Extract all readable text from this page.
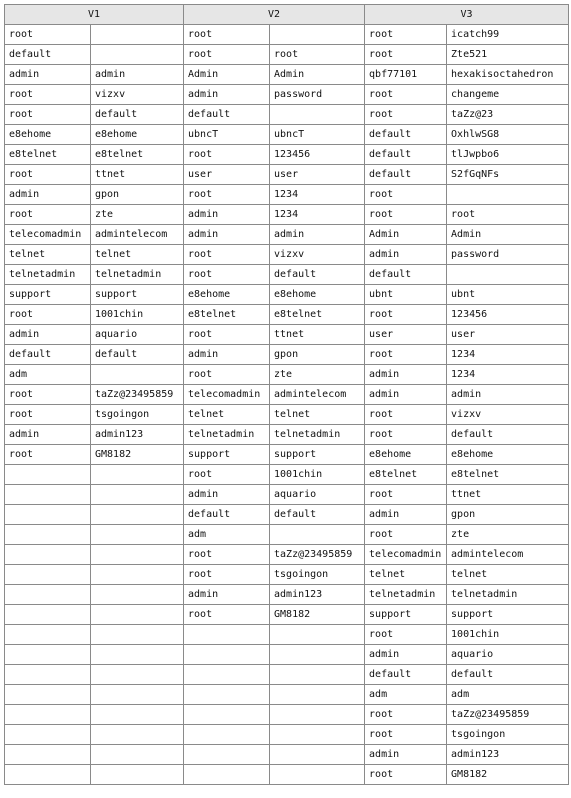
V1		V2		V3	
root		root		root	icatch99
default		root	root	root	Zte521
admin	admin	Admin	Admin	qbf77101	hexakisoctahedron
root	vizxv	admin	password	root	changeme
root	default	default		root	taZz@23
e8ehome	e8ehome	ubncT	ubncT	default	OxhlwSG8
e8telnet	e8telnet	root	123456	default	tlJwpbo6
root	ttnet	user	user	default	S2fGqNFs
admin	gpon	root	1234	root	
root	zte	admin	1234	root	root
telecomadmin	admintelecom	admin	admin	Admin	Admin
telnet	telnet	root	vizxv	admin	password
telnetadmin	telnetadmin	root	default	default	
support	support	e8ehome	e8ehome	ubnt	ubnt
root	1001chin	e8telnet	e8telnet	root	123456
admin	aquario	root	ttnet	user	user
default	default	admin	gpon	root	1234
adm		root	zte	admin	1234
root	taZz@23495859	telecomadmin	admintelecom	admin	admin
root	tsgoingon	telnet	telnet	root	vizxv
admin	admin123	telnetadmin	telnetadmin	root	default
root	GM8182	support	support	e8ehome	e8ehome
		root	1001chin	e8telnet	e8telnet
		admin	aquario	root	ttnet
		default	default	admin	gpon
		adm		root	zte
		root	taZz@23495859	telecomadmin	admintelecom
		root	tsgoingon	telnet	telnet
		admin	admin123	telnetadmin	telnetadmin
		root	GM8182	support	support
				root	1001chin
				admin	aquario
				default	default
				adm	adm
				root	taZz@23495859
				root	tsgoingon
				admin	admin123
				root	GM8182
